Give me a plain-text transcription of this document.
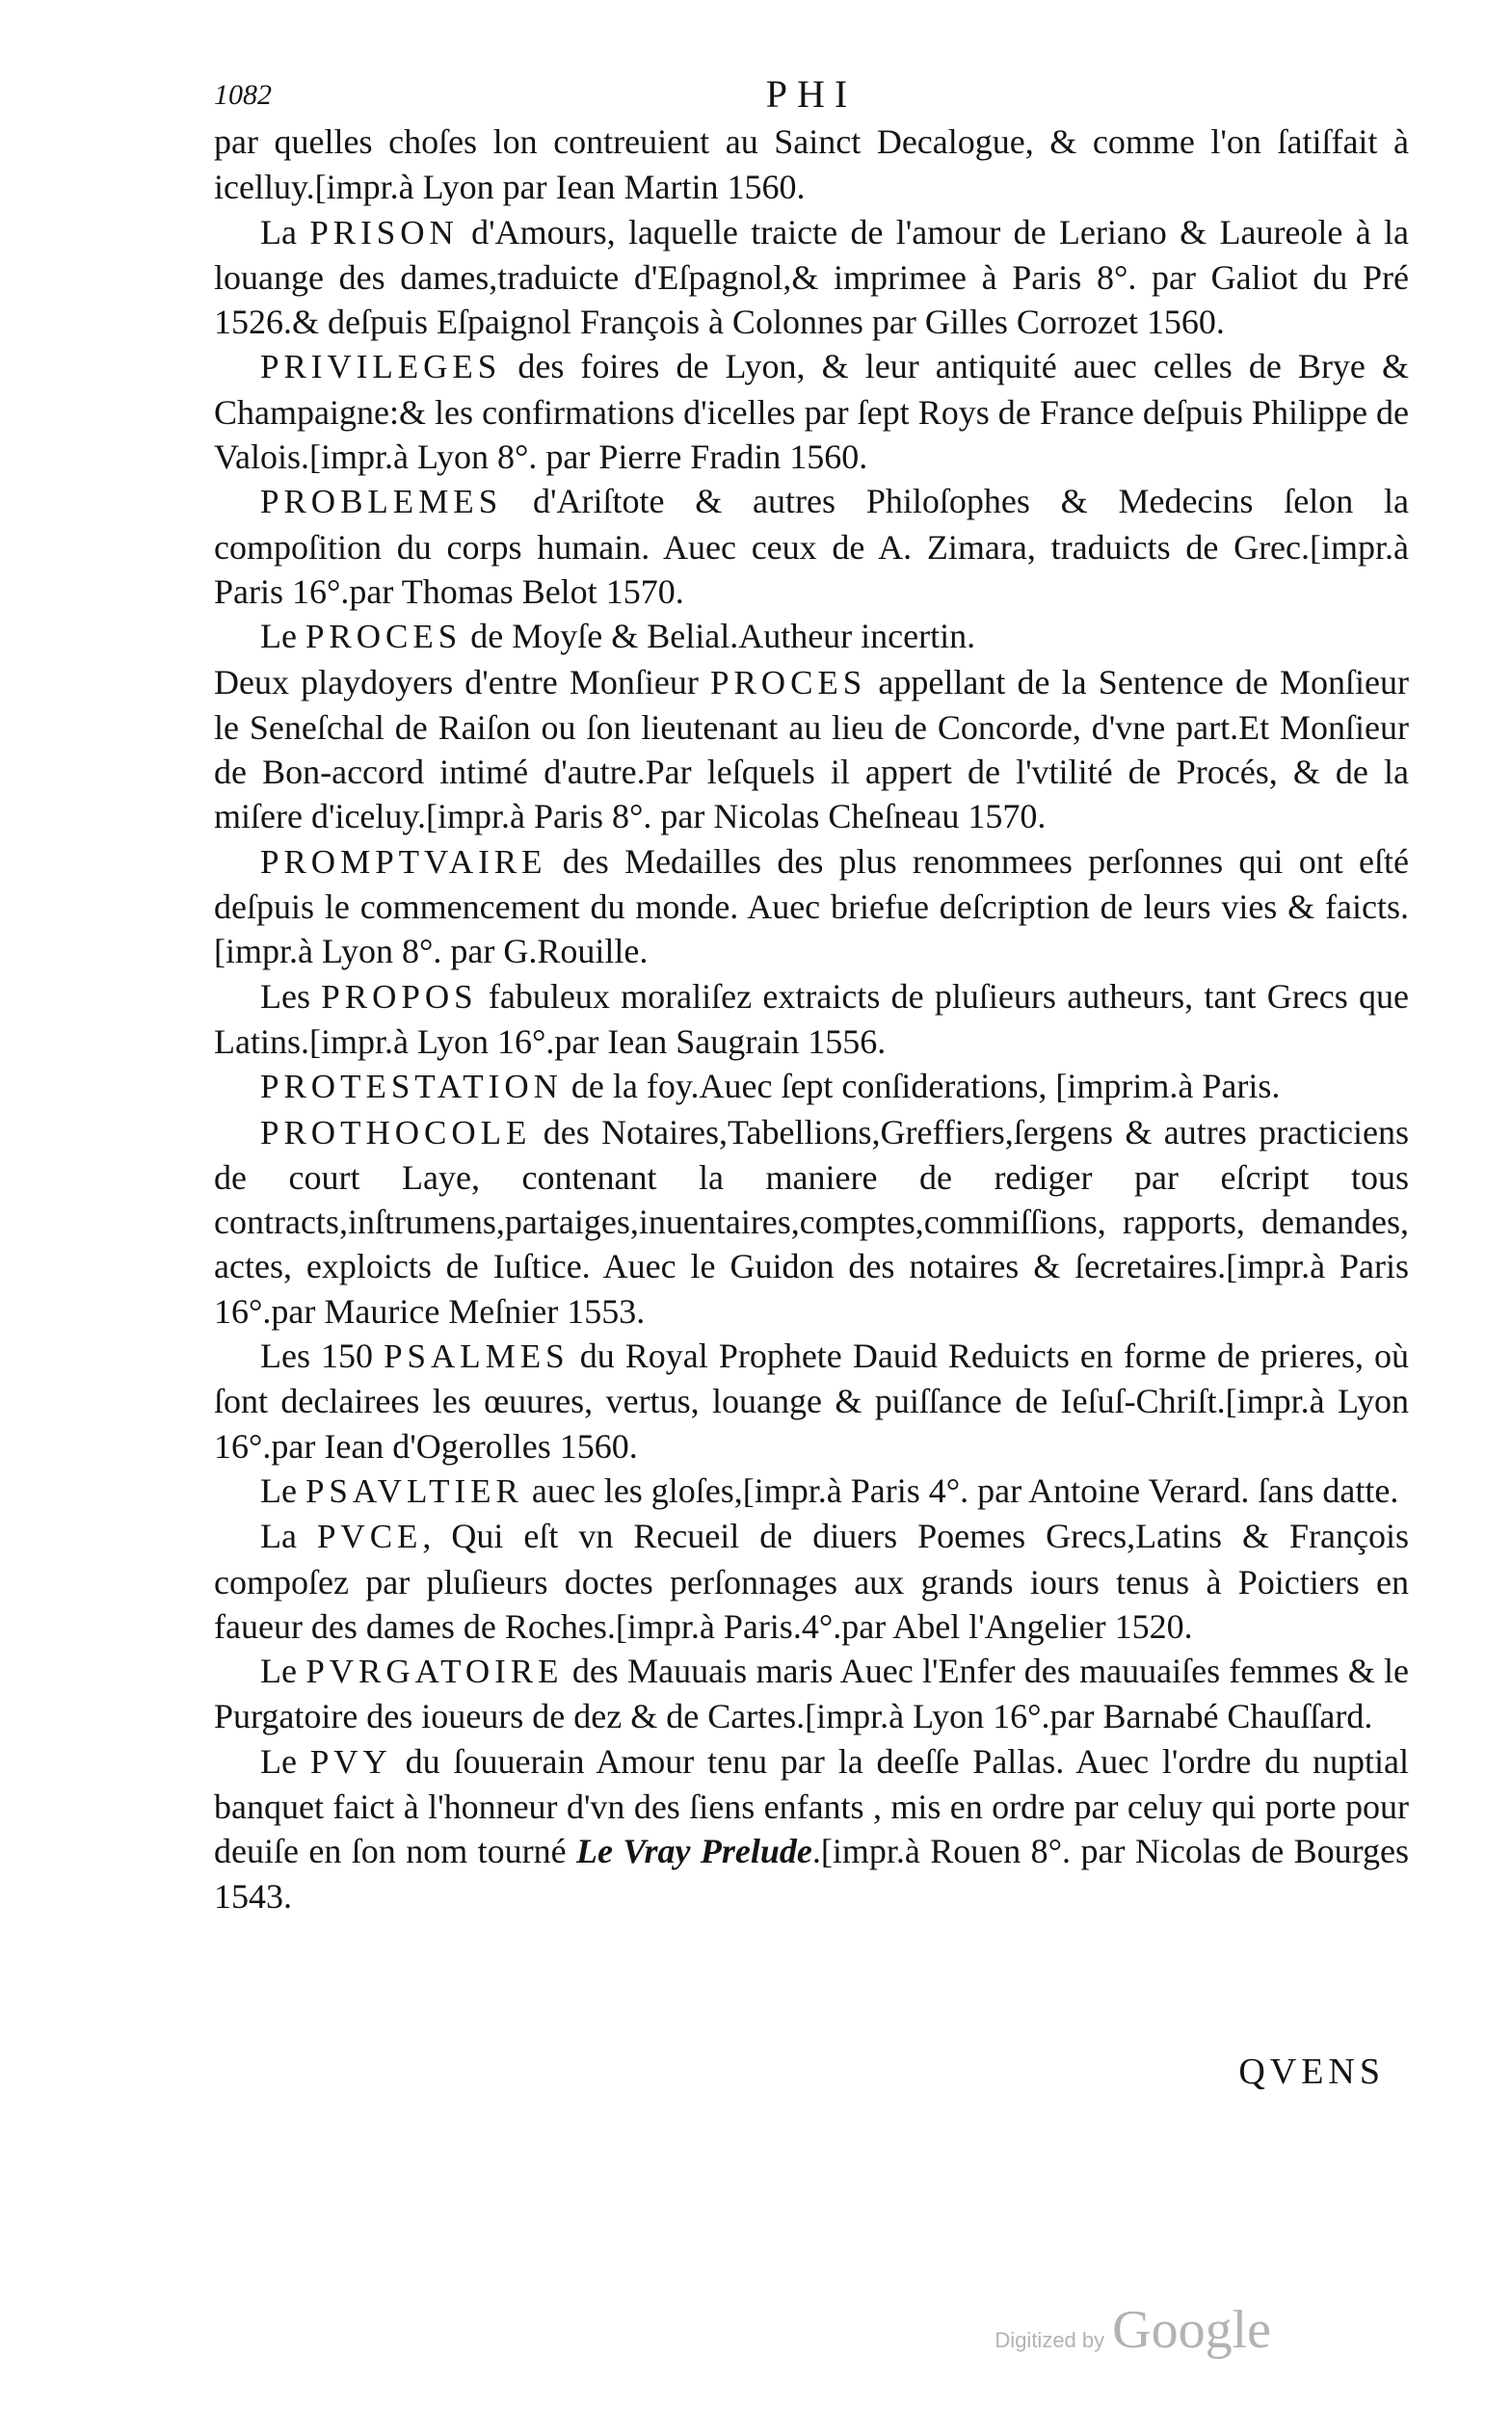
1082	PHI

par quelles choſes lon contreuient au Sainct Decalogue, & comme l'on ſatiſfait à icelluy.[impr.à Lyon par Iean Martin 1560.

La PRISON d'Amours, laquelle traicte de l'amour de Leriano & Laureole à la louange des dames,traduicte d'Eſpagnol,& imprimee à Paris 8°. par Galiot du Pré 1526.& deſpuis Eſpaignol François à Colonnes par Gilles Corrozet 1560.

PRIVILEGES des foires de Lyon, & leur antiquité auec celles de Brye & Champaigne:& les confirmations d'icelles par ſept Roys de France deſpuis Philippe de Valois.[impr.à Lyon 8°. par Pierre Fradin 1560.

PROBLEMES d'Ariſtote & autres Philoſophes & Medecins ſelon la compoſition du corps humain. Auec ceux de A. Zimara, traduicts de Grec.[impr.à Paris 16°.par Thomas Belot 1570.

Le PROCES de Moyſe & Belial.Autheur incertin.

Deux playdoyers d'entre Monſieur PROCES appellant de la Sentence de Monſieur le Seneſchal de Raiſon ou ſon lieutenant au lieu de Concorde, d'vne part.Et Monſieur de Bon-accord intimé d'autre.Par leſquels il appert de l'vtilité de Procés, & de la miſere d'iceluy.[impr.à Paris 8°. par Nicolas Cheſneau 1570.

PROMPTVAIRE des Medailles des plus renommees perſonnes qui ont eſté deſpuis le commencement du monde. Auec briefue deſcription de leurs vies & faicts.[impr.à Lyon 8°. par G.Rouille.

Les PROPOS fabuleux moraliſez extraicts de pluſieurs autheurs, tant Grecs que Latins.[impr.à Lyon 16°.par Iean Saugrain 1556.

PROTESTATION de la foy.Auec ſept conſiderations, [imprim.à Paris.

PROTHOCOLE des Notaires,Tabellions,Greffiers,ſergens & autres practiciens de court Laye, contenant la maniere de rediger par eſcript tous contracts,inſtrumens,partaiges,inuentaires,comptes,commiſſions, rapports, demandes, actes, exploicts de Iuſtice. Auec le Guidon des notaires & ſecretaires.[impr.à Paris 16°.par Maurice Meſnier 1553.

Les 150 PSALMES du Royal Prophete Dauid Reduicts en forme de prieres, où ſont declairees les œuures, vertus, louange & puiſſance de Ieſuſ-Chriſt.[impr.à Lyon 16°.par Iean d'Ogerolles 1560.

Le PSAVLTIER auec les gloſes,[impr.à Paris 4°. par Antoine Verard. ſans datte.

La PVCE, Qui eſt vn Recueil de diuers Poemes Grecs,Latins & François compoſez par pluſieurs doctes perſonnages aux grands iours tenus à Poictiers en faueur des dames de Roches.[impr.à Paris.4°.par Abel l'Angelier 1520.

Le PVRGATOIRE des Mauuais maris Auec l'Enfer des mauuaiſes femmes & le Purgatoire des ioueurs de dez & de Cartes.[impr.à Lyon 16°.par Barnabé Chauſſard.

Le PVY du ſouuerain Amour tenu par la deeſſe Pallas. Auec l'ordre du nuptial banquet faict à l'honneur d'vn des ſiens enfants , mis en ordre par celuy qui porte pour deuiſe en ſon nom tourné Le Vray Prelude.[impr.à Rouen 8°. par Nicolas de Bourges 1543.

QVENS
Digitized by Google
